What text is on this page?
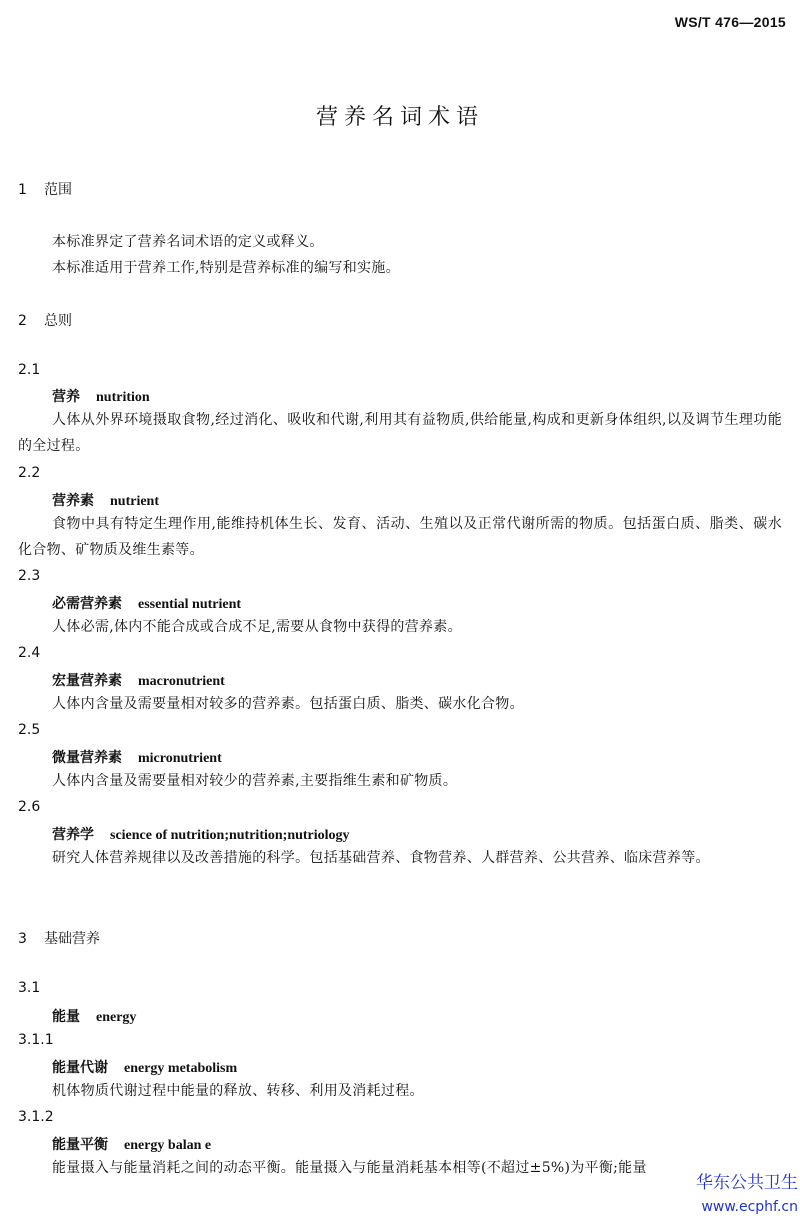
WS/T 476—2015
营养名词术语
1 范围
本标准界定了营养名词术语的定义或释义。
本标准适用于营养工作,特别是营养标准的编写和实施。
2 总则
2.1
营养 nutrition
人体从外界环境摄取食物,经过消化、吸收和代谢,利用其有益物质,供给能量,构成和更新身体组织,以及调节生理功能的全过程。
2.2
营养素 nutrient
食物中具有特定生理作用,能维持机体生长、发育、活动、生殖以及正常代谢所需的物质。包括蛋白质、脂类、碳水化合物、矿物质及维生素等。
2.3
必需营养素 essential nutrient
人体必需,体内不能合成或合成不足,需要从食物中获得的营养素。
2.4
宏量营养素 macronutrient
人体内含量及需要量相对较多的营养素。包括蛋白质、脂类、碳水化合物。
2.5
微量营养素 micronutrient
人体内含量及需要量相对较少的营养素,主要指维生素和矿物质。
2.6
营养学 science of nutrition;nutrition;nutriology
研究人体营养规律以及改善措施的科学。包括基础营养、食物营养、人群营养、公共营养、临床营养等。
3 基础营养
3.1
能量 energy
3.1.1
能量代谢 energy metabolism
机体物质代谢过程中能量的释放、转移、利用及消耗过程。
3.1.2
能量平衡 energy balan e
能量摄入与能量消耗之间的动态平衡。能量摄入与能量消耗基本相等(不超过±5%)为平衡;能量
华东公共卫生
www.ecphf.cn
